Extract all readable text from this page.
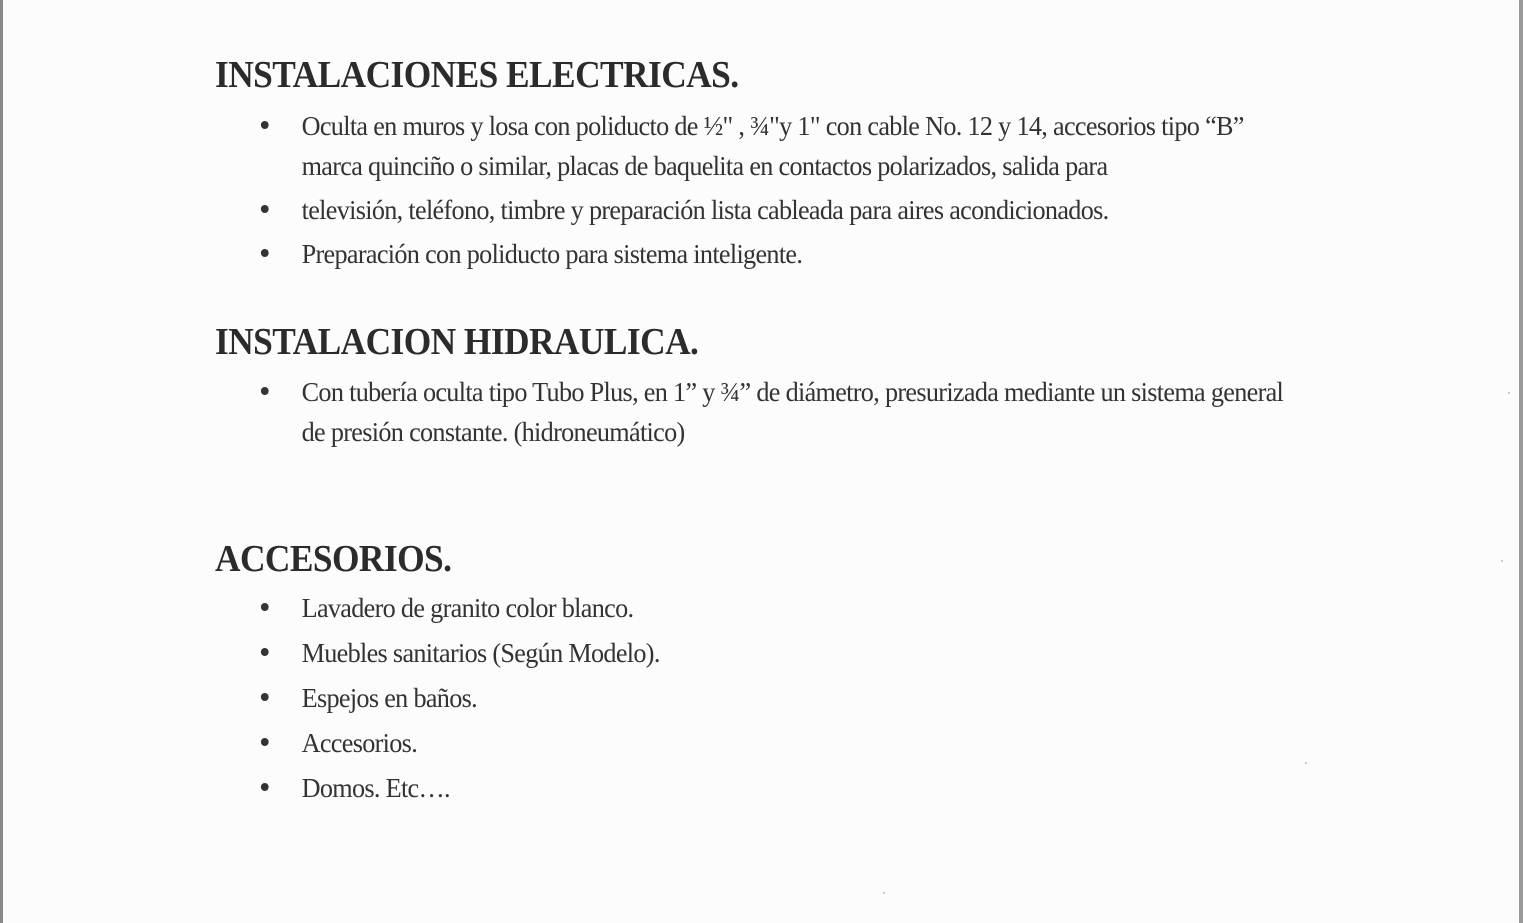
INSTALACIONES ELECTRICAS.
Oculta en muros y losa con poliducto de ½" , ¾"y 1" con cable No. 12 y 14, accesorios tipo “B” marca quinciño o similar, placas de baquelita en contactos polarizados, salida para
televisión, teléfono, timbre y preparación lista cableada para aires acondicionados.
Preparación con poliducto para sistema inteligente.
INSTALACION HIDRAULICA.
Con tubería oculta tipo Tubo Plus, en 1” y ¾” de diámetro, presurizada mediante un sistema general de presión constante. (hidroneumático)
ACCESORIOS.
Lavadero de granito color blanco.
Muebles sanitarios (Según Modelo).
Espejos en baños.
Accesorios.
Domos. Etc….
